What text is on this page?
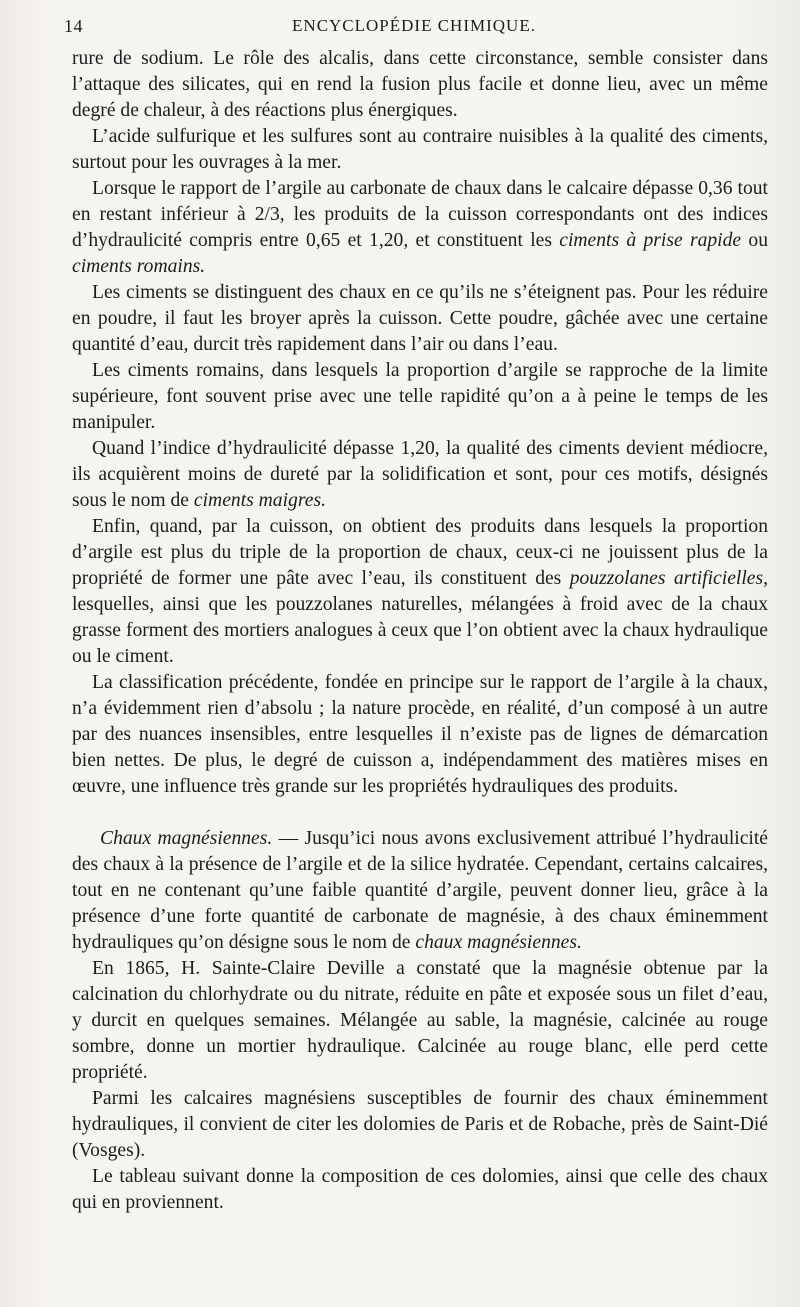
14	ENCYCLOPÉDIE CHIMIQUE.

rure de sodium. Le rôle des alcalis, dans cette circonstance, semble consister dans l’attaque des silicates, qui en rend la fusion plus facile et donne lieu, avec un même degré de chaleur, à des réactions plus énergiques.

L’acide sulfurique et les sulfures sont au contraire nuisibles à la qualité des ciments, surtout pour les ouvrages à la mer.

Lorsque le rapport de l’argile au carbonate de chaux dans le calcaire dépasse 0,36 tout en restant inférieur à 2/3, les produits de la cuisson correspondants ont des indices d’hydraulicité compris entre 0,65 et 1,20, et constituent les ciments à prise rapide ou ciments romains.

Les ciments se distinguent des chaux en ce qu’ils ne s’éteignent pas. Pour les réduire en poudre, il faut les broyer après la cuisson. Cette poudre, gâchée avec une certaine quantité d’eau, durcit très rapidement dans l’air ou dans l’eau.

Les ciments romains, dans lesquels la proportion d’argile se rapproche de la limite supérieure, font souvent prise avec une telle rapidité qu’on a à peine le temps de les manipuler.

Quand l’indice d’hydraulicité dépasse 1,20, la qualité des ciments devient médiocre, ils acquièrent moins de dureté par la solidification et sont, pour ces motifs, désignés sous le nom de ciments maigres.

Enfin, quand, par la cuisson, on obtient des produits dans lesquels la proportion d’argile est plus du triple de la proportion de chaux, ceux-ci ne jouissent plus de la propriété de former une pâte avec l’eau, ils constituent des pouzzolanes artificielles, lesquelles, ainsi que les pouzzolanes naturelles, mélangées à froid avec de la chaux grasse forment des mortiers analogues à ceux que l’on obtient avec la chaux hydraulique ou le ciment.

La classification précédente, fondée en principe sur le rapport de l’argile à la chaux, n’a évidemment rien d’absolu ; la nature procède, en réalité, d’un composé à un autre par des nuances insensibles, entre lesquelles il n’existe pas de lignes de démarcation bien nettes. De plus, le degré de cuisson a, indépendamment des matières mises en œuvre, une influence très grande sur les propriétés hydrauliques des produits.

Chaux magnésiennes. — Jusqu’ici nous avons exclusivement attribué l’hydraulicité des chaux à la présence de l’argile et de la silice hydratée. Cependant, certains calcaires, tout en ne contenant qu’une faible quantité d’argile, peuvent donner lieu, grâce à la présence d’une forte quantité de carbonate de magnésie, à des chaux éminemment hydrauliques qu’on désigne sous le nom de chaux magnésiennes.

En 1865, H. Sainte-Claire Deville a constaté que la magnésie obtenue par la calcination du chlorhydrate ou du nitrate, réduite en pâte et exposée sous un filet d’eau, y durcit en quelques semaines. Mélangée au sable, la magnésie, calcinée au rouge sombre, donne un mortier hydraulique. Calcinée au rouge blanc, elle perd cette propriété.

Parmi les calcaires magnésiens susceptibles de fournir des chaux éminemment hydrauliques, il convient de citer les dolomies de Paris et de Robache, près de Saint-Dié (Vosges).

Le tableau suivant donne la composition de ces dolomies, ainsi que celle des chaux qui en proviennent.
